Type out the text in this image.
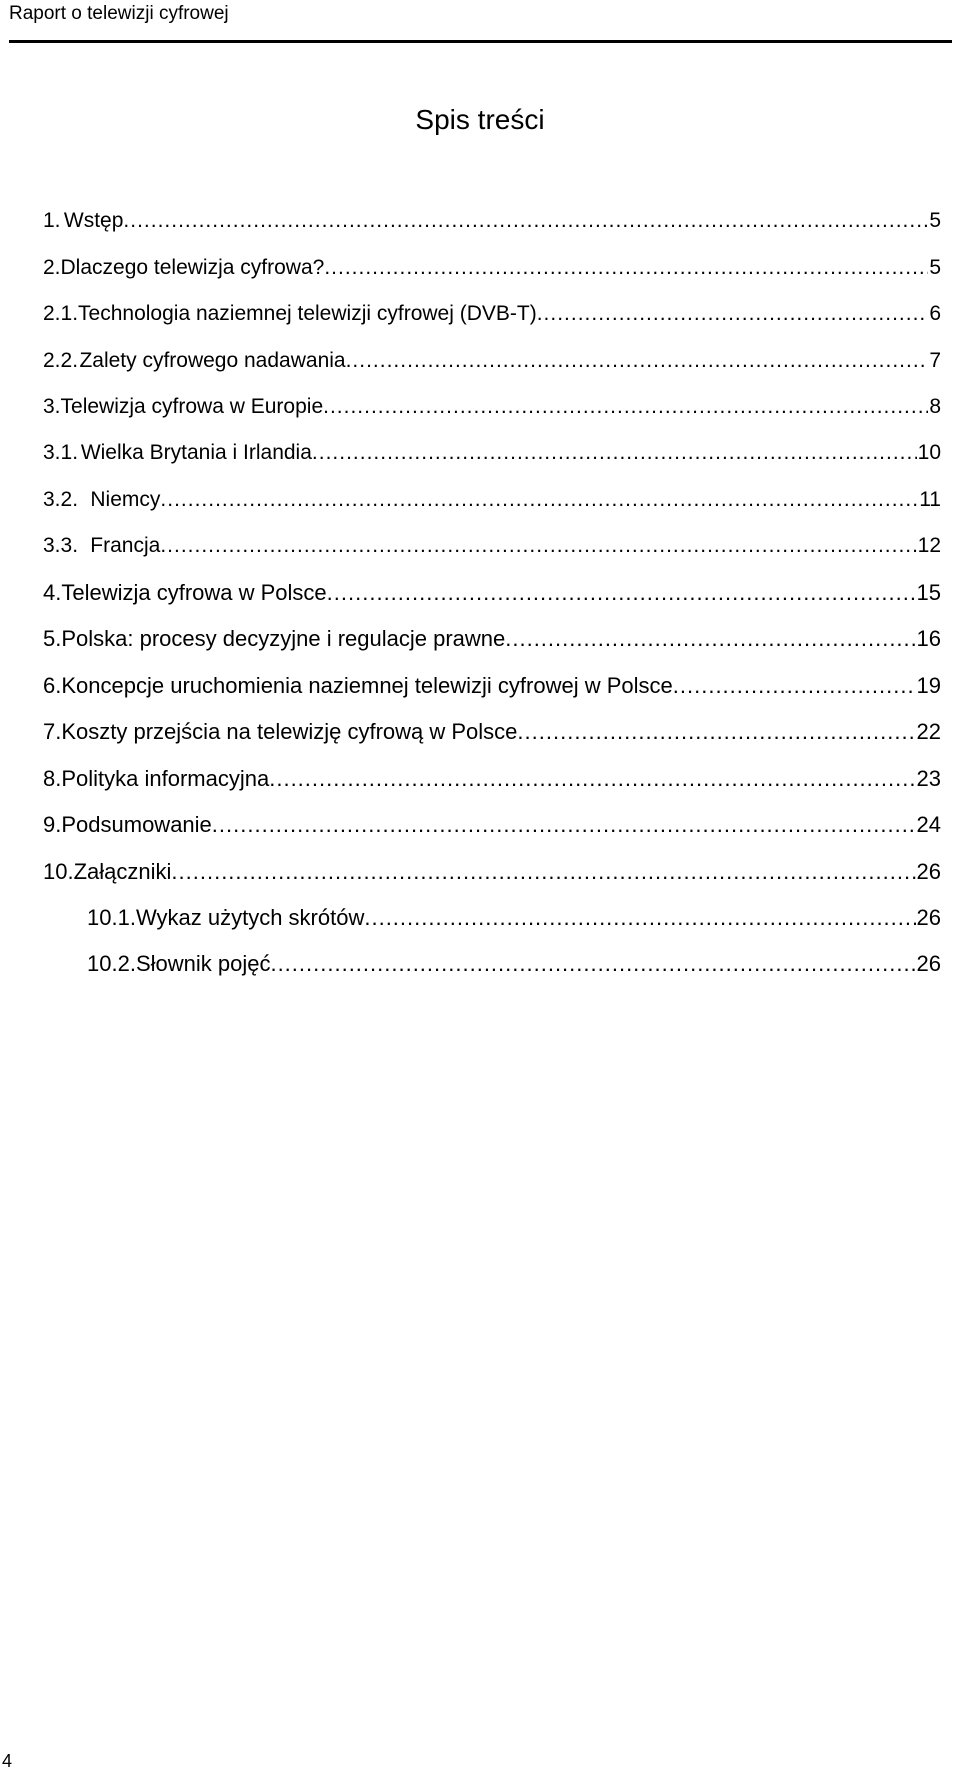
Raport o telewizji cyfrowej
Spis treści
1. Wstęp .....	5
2. Dlaczego telewizja cyfrowa? .....	5
2.1. Technologia naziemnej telewizji cyfrowej (DVB-T) .....	6
2.2. Zalety cyfrowego nadawania .....	7
3. Telewizja cyfrowa w Europie .....	8
3.1. Wielka Brytania i Irlandia .....	10
3.2. Niemcy .....	11
3.3. Francja .....	12
4. Telewizja cyfrowa w Polsce .....	15
5. Polska: procesy decyzyjne i regulacje prawne .....	16
6. Koncepcje uruchomienia naziemnej telewizji cyfrowej w Polsce .....	19
7. Koszty przejścia na telewizję cyfrową w Polsce .....	22
8. Polityka informacyjna .....	23
9. Podsumowanie .....	24
10. Załączniki .....	26
10.1. Wykaz użytych skrótów .....	26
10.2. Słownik pojęć .....	26
4
